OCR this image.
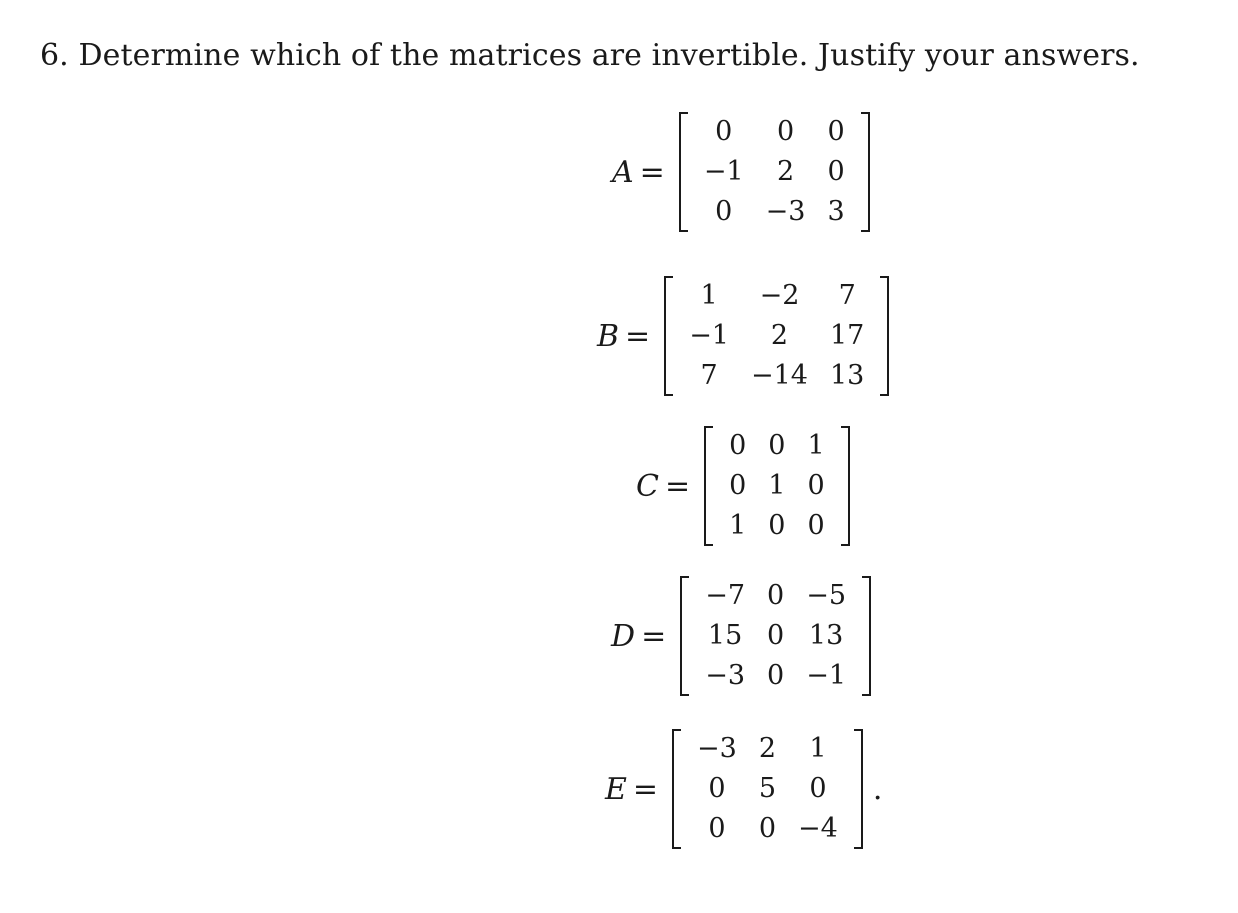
6. Determine which of the matrices are invertible. Justify your answers.
A =
0	0	0
−1	2	0
0	−3	3
B =
1	−2	7
−1	2	17
7	−14	13
C =
0	0	1
0	1	0
1	0	0
D =
−7	0	−5
15	0	13
−3	0	−1
E =
−3	2	1
0	5	0
0	0	−4
.
